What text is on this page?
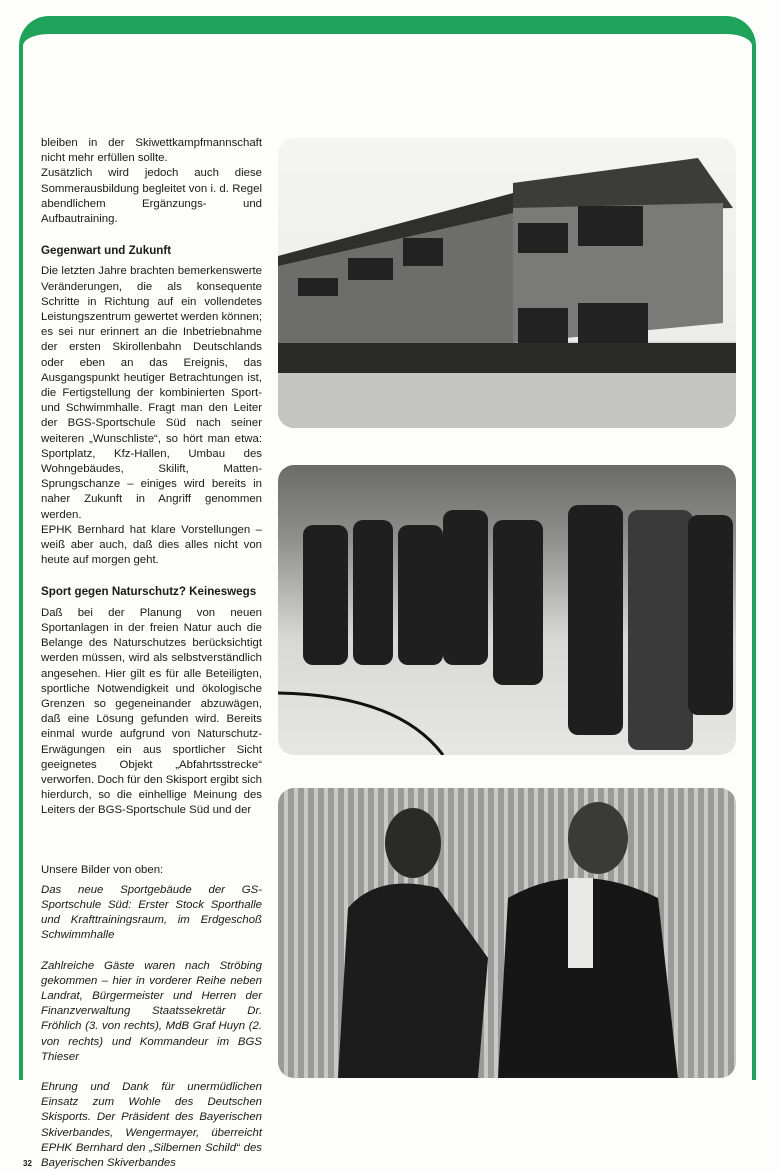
bleiben in der Skiwettkampfmannschaft nicht mehr erfüllen sollte.

Zusätzlich wird jedoch auch diese Sommerausbildung begleitet von i. d. Regel abendlichem Ergänzungs- und Aufbautraining.

Gegenwart und Zukunft

Die letzten Jahre brachten bemerkenswerte Veränderungen, die als konsequente Schritte in Richtung auf ein vollendetes Leistungszentrum gewertet werden können; es sei nur erinnert an die Inbetriebnahme der ersten Skirollenbahn Deutschlands oder eben an das Ereignis, das Ausgangspunkt heutiger Betrachtungen ist, die Fertigstellung der kombinierten Sport- und Schwimmhalle. Fragt man den Leiter der BGS-Sportschule Süd nach seiner weiteren „Wunschliste“, so hört man etwa: Sportplatz, Kfz-Hallen, Umbau des Wohngebäudes, Skilift, Matten-Sprungschanze – einiges wird bereits in naher Zukunft in Angriff genommen werden.

EPHK Bernhard hat klare Vorstellungen – weiß aber auch, daß dies alles nicht von heute auf morgen geht.

Sport gegen Naturschutz? Keineswegs

Daß bei der Planung von neuen Sportanlagen in der freien Natur auch die Belange des Naturschutzes berücksichtigt werden müssen, wird als selbstverständlich angesehen. Hier gilt es für alle Beteiligten, sportliche Notwendigkeit und ökologische Grenzen so gegeneinander abzuwägen, daß eine Lösung gefunden wird. Bereits einmal wurde aufgrund von Naturschutz-Erwägungen ein aus sportlicher Sicht geeignetes Objekt „Abfahrtsstrecke“ verworfen. Doch für den Skisport ergibt sich hierdurch, so die einhellige Meinung des Leiters der BGS-Sportschule Süd und der

Unsere Bilder von oben:

Das neue Sportgebäude der GS-Sportschule Süd: Erster Stock Sporthalle und Krafttrainingsraum, im Erdgeschoß Schwimmhalle

Zahlreiche Gäste waren nach Ströbing gekommen – hier in vorderer Reihe neben Landrat, Bürgermeister und Herren der Finanzverwaltung Staatssekretär Dr. Fröhlich (3. von rechts), MdB Graf Huyn (2. von rechts) und Kommandeur im BGS Thieser

Ehrung und Dank für unermüdlichen Einsatz zum Wohle des Deutschen Skisports. Der Präsident des Bayerischen Skiverbandes, Wengermayer, überreicht EPHK Bernhard den „Silbernen Schild“ des Bayerischen Skiverbandes

32
